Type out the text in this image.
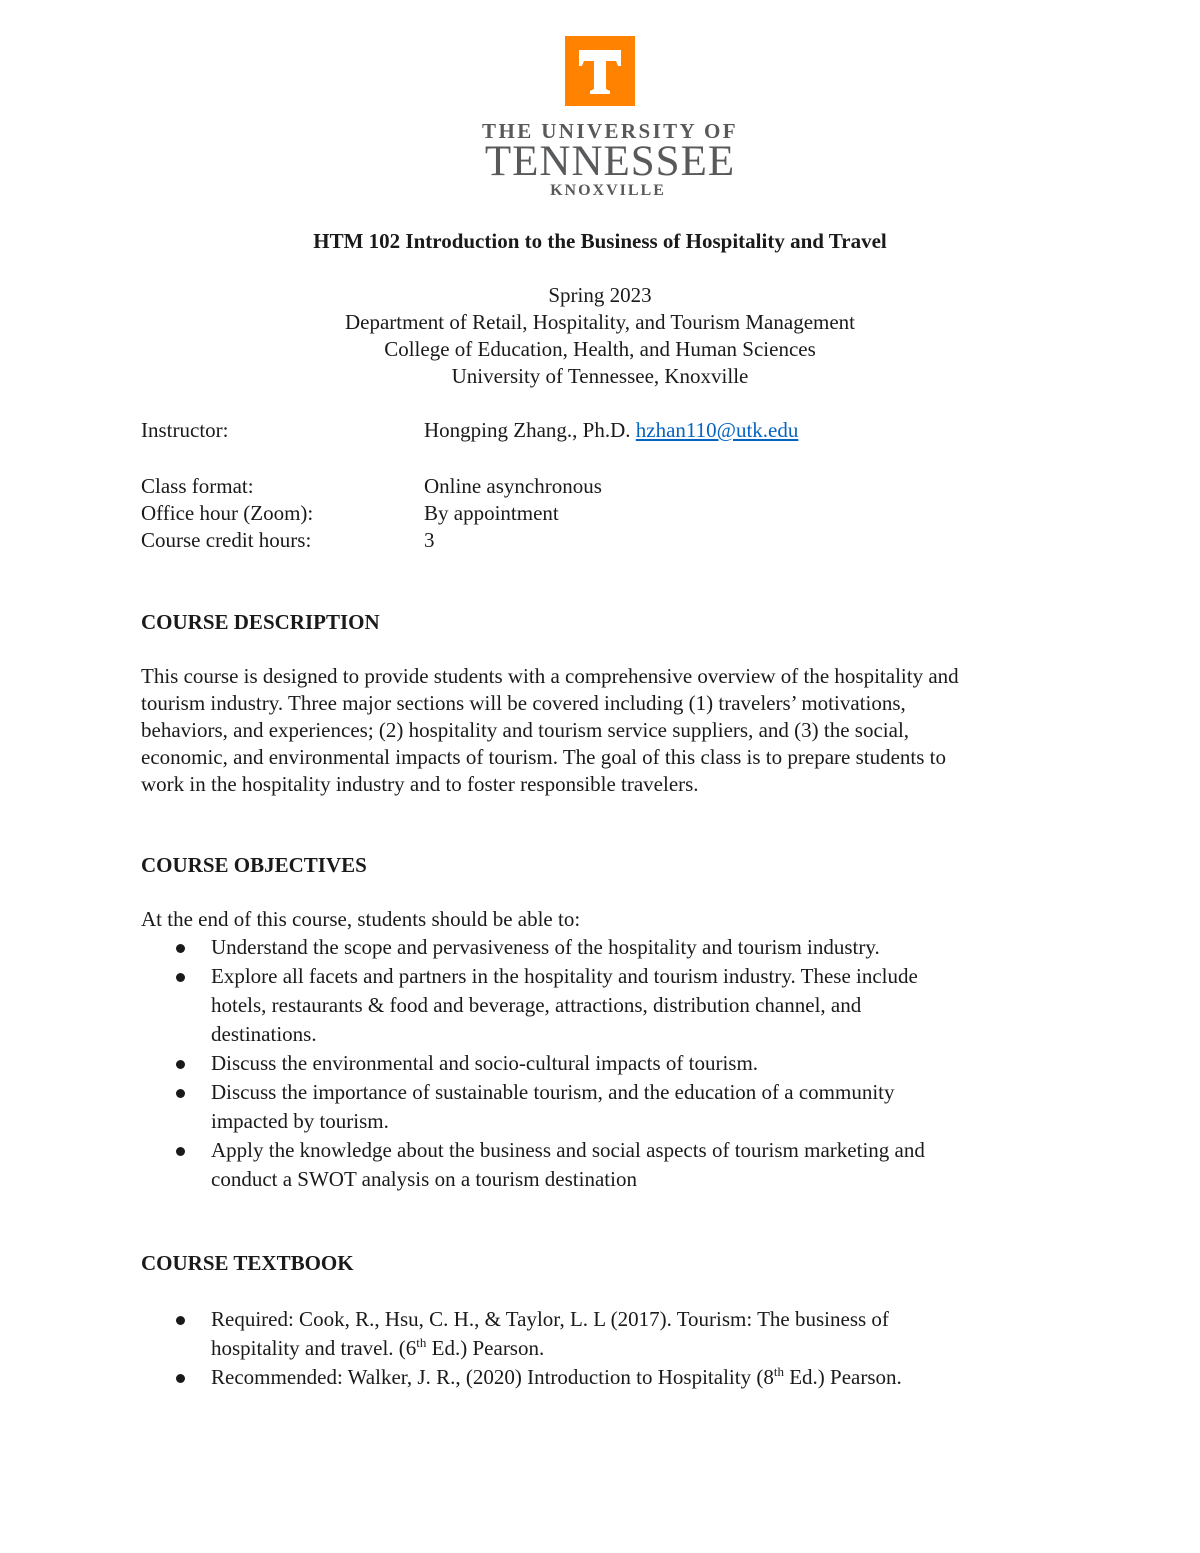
THE UNIVERSITY OF
TENNESSEE
KNOXVILLE
HTM 102 Introduction to the Business of Hospitality and Travel
Spring 2023
Department of Retail, Hospitality, and Tourism Management
College of Education, Health, and Human Sciences
University of Tennessee, Knoxville
Instructor:	Hongping Zhang., Ph.D. hzhan110@utk.edu
Class format:	Online asynchronous
Office hour (Zoom):	By appointment
Course credit hours:	3
COURSE DESCRIPTION
This course is designed to provide students with a comprehensive overview of the hospitality and
tourism industry. Three major sections will be covered including (1) travelers’ motivations,
behaviors, and experiences; (2) hospitality and tourism service suppliers, and (3) the social,
economic, and environmental impacts of tourism. The goal of this class is to prepare students to
work in the hospitality industry and to foster responsible travelers.
COURSE OBJECTIVES
At the end of this course, students should be able to:
Understand the scope and pervasiveness of the hospitality and tourism industry.
Explore all facets and partners in the hospitality and tourism industry. These include
hotels, restaurants & food and beverage, attractions, distribution channel, and
destinations.
Discuss the environmental and socio-cultural impacts of tourism.
Discuss the importance of sustainable tourism, and the education of a community
impacted by tourism.
Apply the knowledge about the business and social aspects of tourism marketing and
conduct a SWOT analysis on a tourism destination
COURSE TEXTBOOK
Required: Cook, R., Hsu, C. H., & Taylor, L. L (2017). Tourism: The business of
hospitality and travel. (6th Ed.) Pearson.
Recommended: Walker, J. R., (2020) Introduction to Hospitality (8th Ed.) Pearson.
